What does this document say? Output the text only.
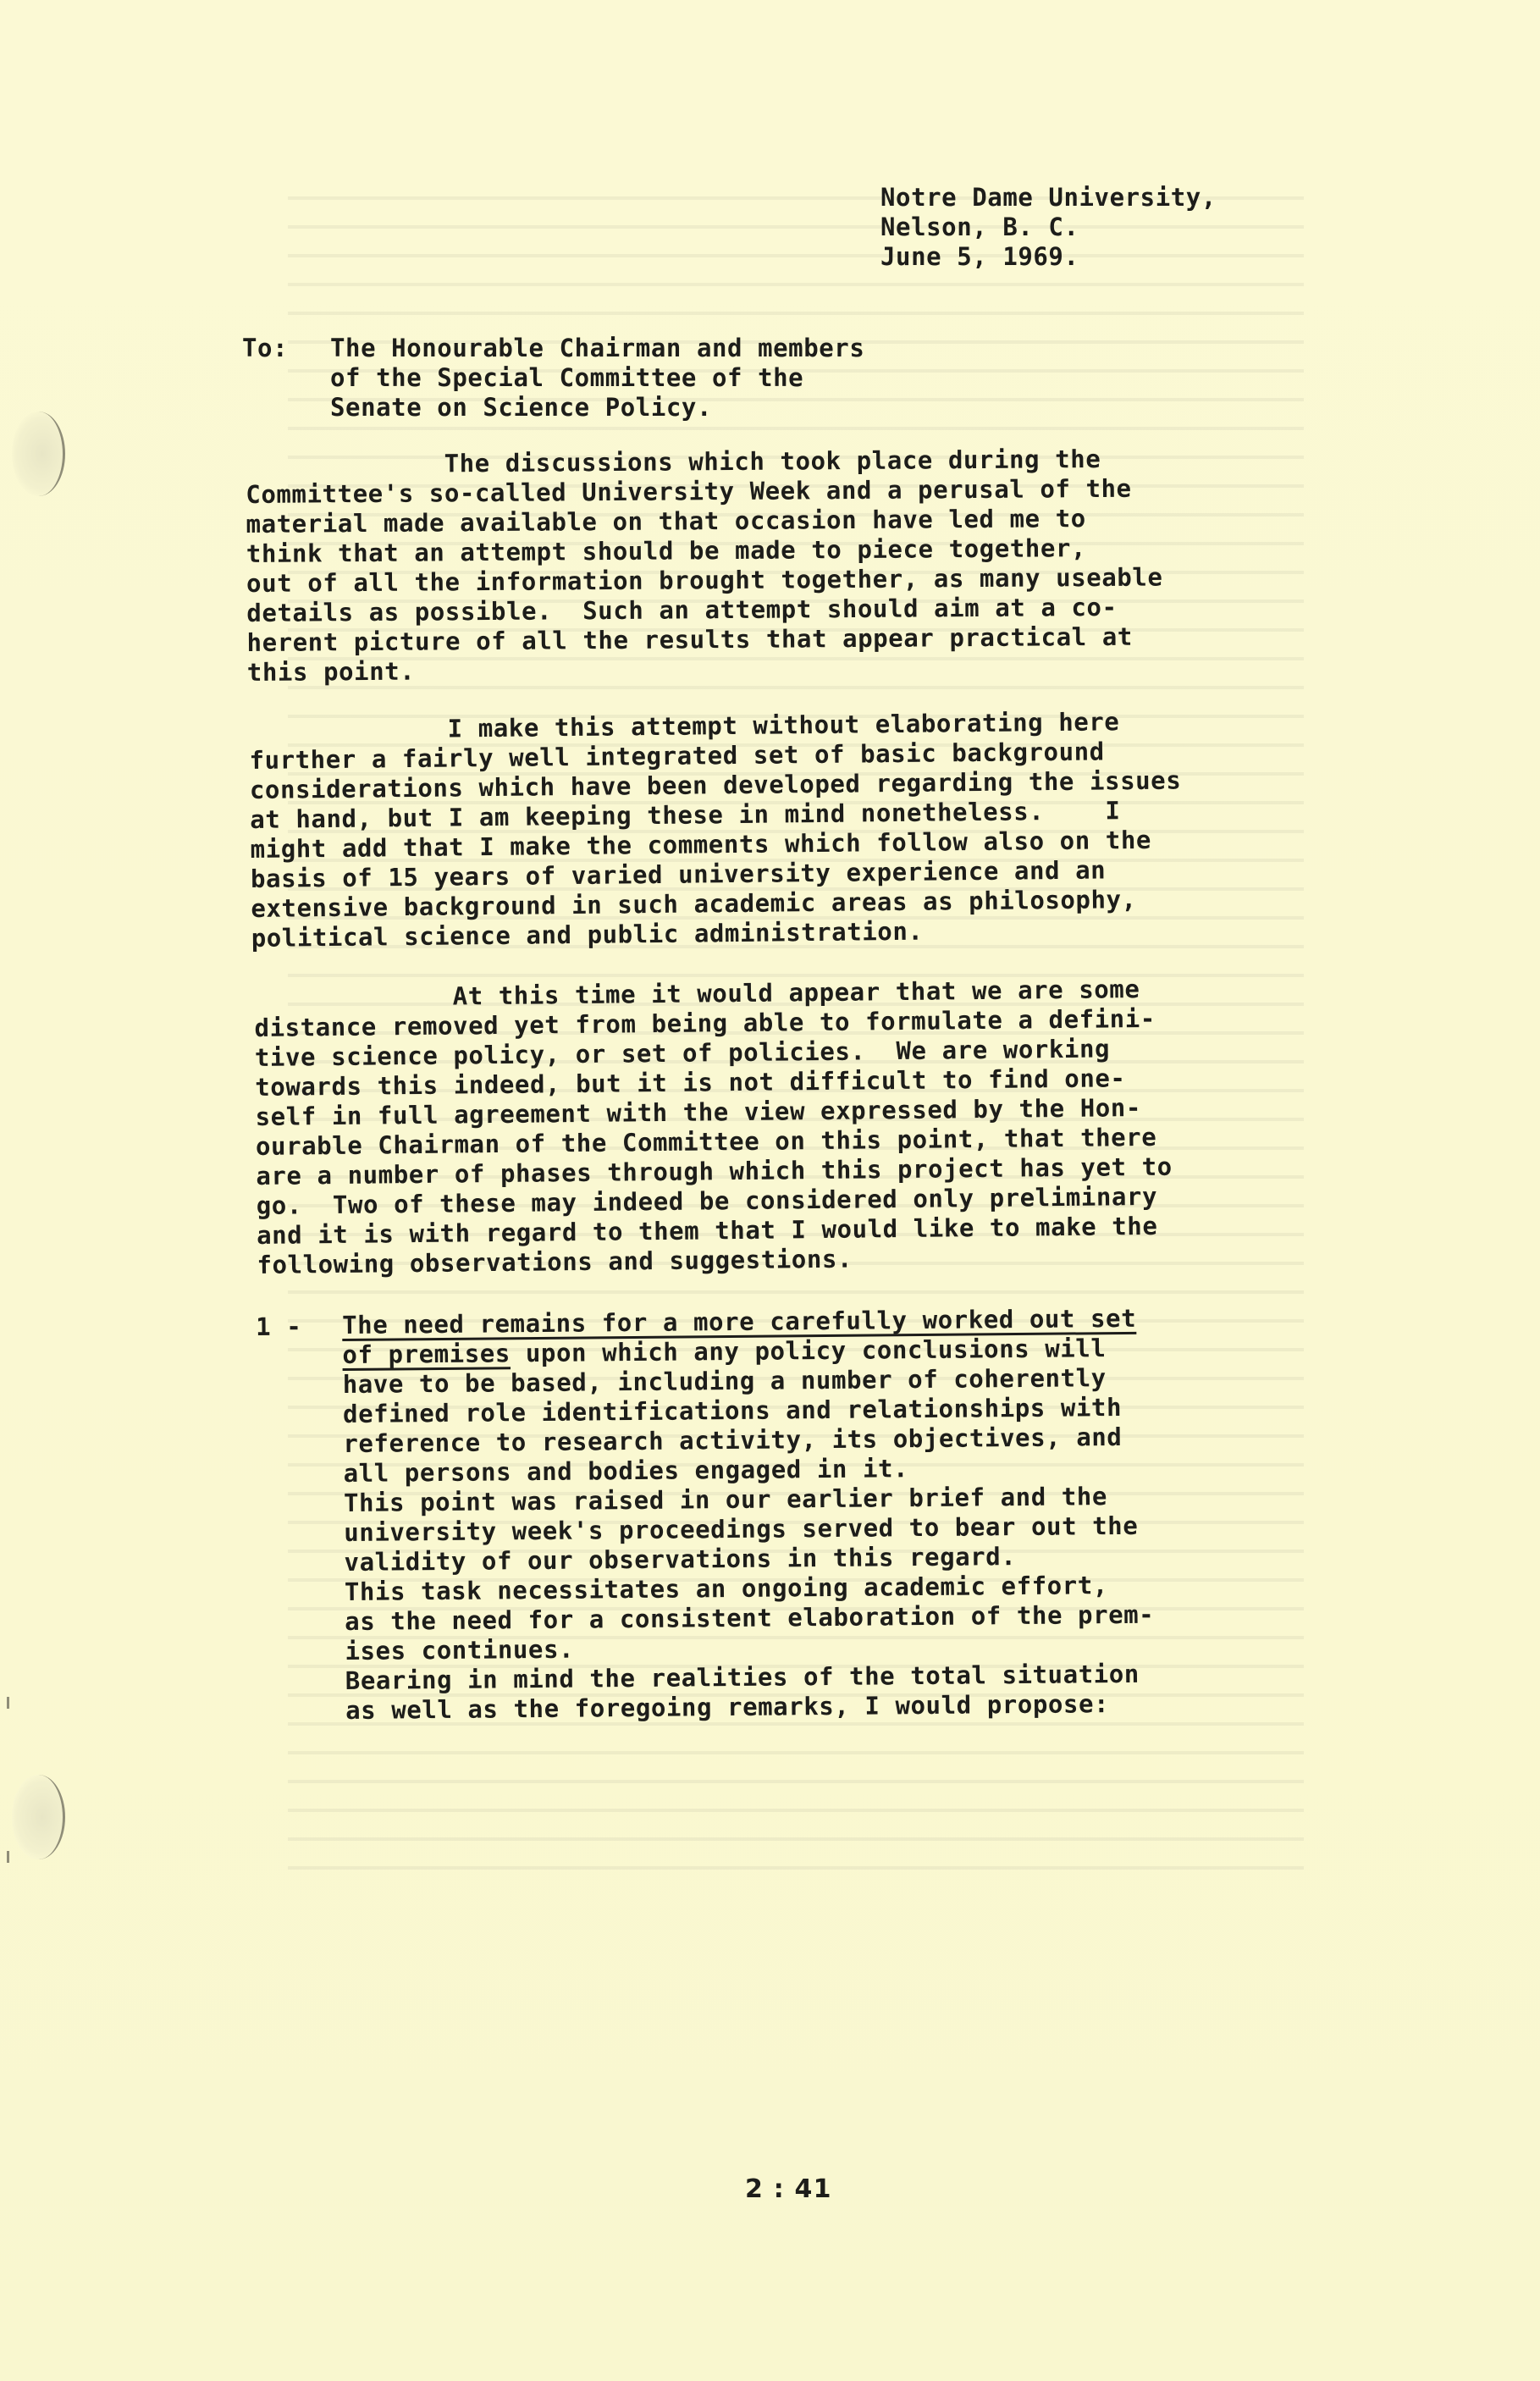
Notre Dame University,
Nelson, B. C.
June 5, 1969.
To: The Honourable Chairman and members
of the Special Committee of the
Senate on Science Policy.
The discussions which took place during the
Committee's so-called University Week and a perusal of the
material made available on that occasion have led me to
think that an attempt should be made to piece together,
out of all the information brought together, as many useable
details as possible.  Such an attempt should aim at a co-
herent picture of all the results that appear practical at
this point.
I make this attempt without elaborating here
further a fairly well integrated set of basic background
considerations which have been developed regarding the issues
at hand, but I am keeping these in mind nonetheless.    I
might add that I make the comments which follow also on the
basis of 15 years of varied university experience and an
extensive background in such academic areas as philosophy,
political science and public administration.
At this time it would appear that we are some
distance removed yet from being able to formulate a defini-
tive science policy, or set of policies.  We are working
towards this indeed, but it is not difficult to find one-
self in full agreement with the view expressed by the Hon-
ourable Chairman of the Committee on this point, that there
are a number of phases through which this project has yet to
go.  Two of these may indeed be considered only preliminary
and it is with regard to them that I would like to make the
following observations and suggestions.
1 - The need remains for a more carefully worked out set
of premises upon which any policy conclusions will
have to be based, including a number of coherently
defined role identifications and relationships with
reference to research activity, its objectives, and
all persons and bodies engaged in it.
This point was raised in our earlier brief and the
university week's proceedings served to bear out the
validity of our observations in this regard.
This task necessitates an ongoing academic effort,
as the need for a consistent elaboration of the prem-
ises continues.
Bearing in mind the realities of the total situation
as well as the foregoing remarks, I would propose:
2 : 41
